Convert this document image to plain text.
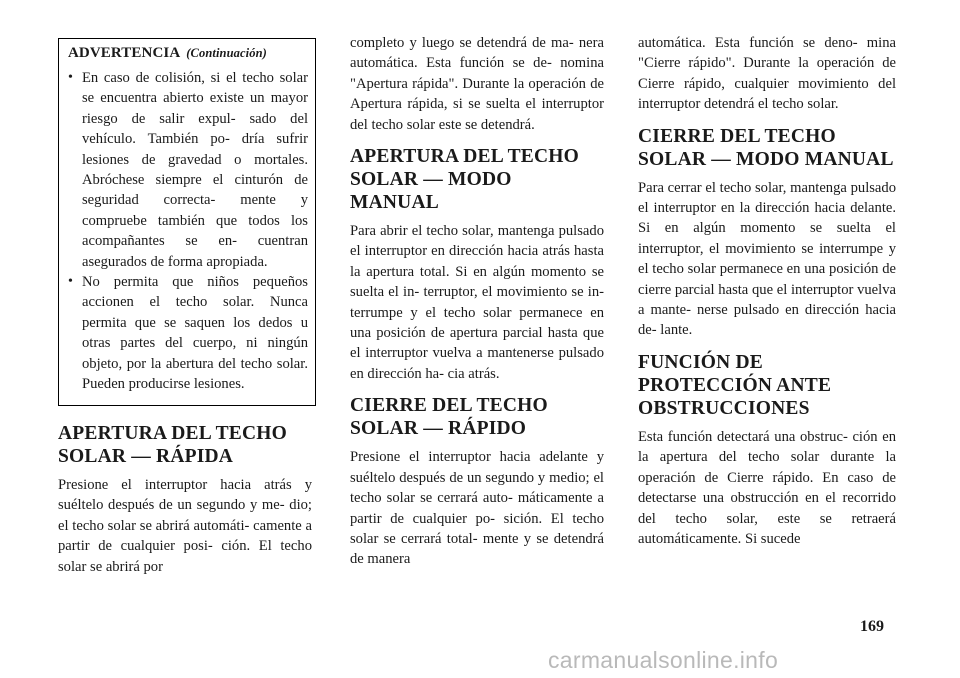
ADVERTENCIA (Continuación)
• En caso de colisión, si el techo solar se encuentra abierto existe un mayor riesgo de salir expul- sado del vehículo. También po- dría sufrir lesiones de gravedad o mortales. Abróchese siempre el cinturón de seguridad correcta- mente y compruebe también que todos los acompañantes se en- cuentran asegurados de forma apropiada.
• No permita que niños pequeños accionen el techo solar. Nunca permita que se saquen los dedos u otras partes del cuerpo, ni ningún objeto, por la abertura del techo solar. Pueden producirse lesiones.
APERTURA DEL TECHO SOLAR — RÁPIDA

Presione el interruptor hacia atrás y suéltelo después de un segundo y me- dio; el techo solar se abrirá automáti- camente a partir de cualquier posi- ción. El techo solar se abrirá por

completo y luego se detendrá de ma- nera automática. Esta función se de- nomina "Apertura rápida". Durante la operación de Apertura rápida, si se suelta el interruptor del techo solar este se detendrá.

APERTURA DEL TECHO SOLAR — MODO MANUAL

Para abrir el techo solar, mantenga pulsado el interruptor en dirección hacia atrás hasta la apertura total. Si en algún momento se suelta el in- terruptor, el movimiento se in- terrumpe y el techo solar permanece en una posición de apertura parcial hasta que el interruptor vuelva a mantenerse pulsado en dirección ha- cia atrás.

CIERRE DEL TECHO SOLAR — RÁPIDO

Presione el interruptor hacia adelante y suéltelo después de un segundo y medio; el techo solar se cerrará auto- máticamente a partir de cualquier po- sición. El techo solar se cerrará total- mente y se detendrá de manera

automática. Esta función se deno- mina "Cierre rápido". Durante la operación de Cierre rápido, cualquier movimiento del interruptor detendrá el techo solar.

CIERRE DEL TECHO SOLAR — MODO MANUAL

Para cerrar el techo solar, mantenga pulsado el interruptor en la dirección hacia delante. Si en algún momento se suelta el interruptor, el movimiento se interrumpe y el techo solar permanece en una posición de cierre parcial hasta que el interruptor vuelva a mante- nerse pulsado en dirección hacia de- lante.

FUNCIÓN DE PROTECCIÓN ANTE OBSTRUCCIONES

Esta función detectará una obstruc- ción en la apertura del techo solar durante la operación de Cierre rápido. En caso de detectarse una obstrucción en el recorrido del techo solar, este se retraerá automáticamente. Si sucede

169
carmanualsonline.info
